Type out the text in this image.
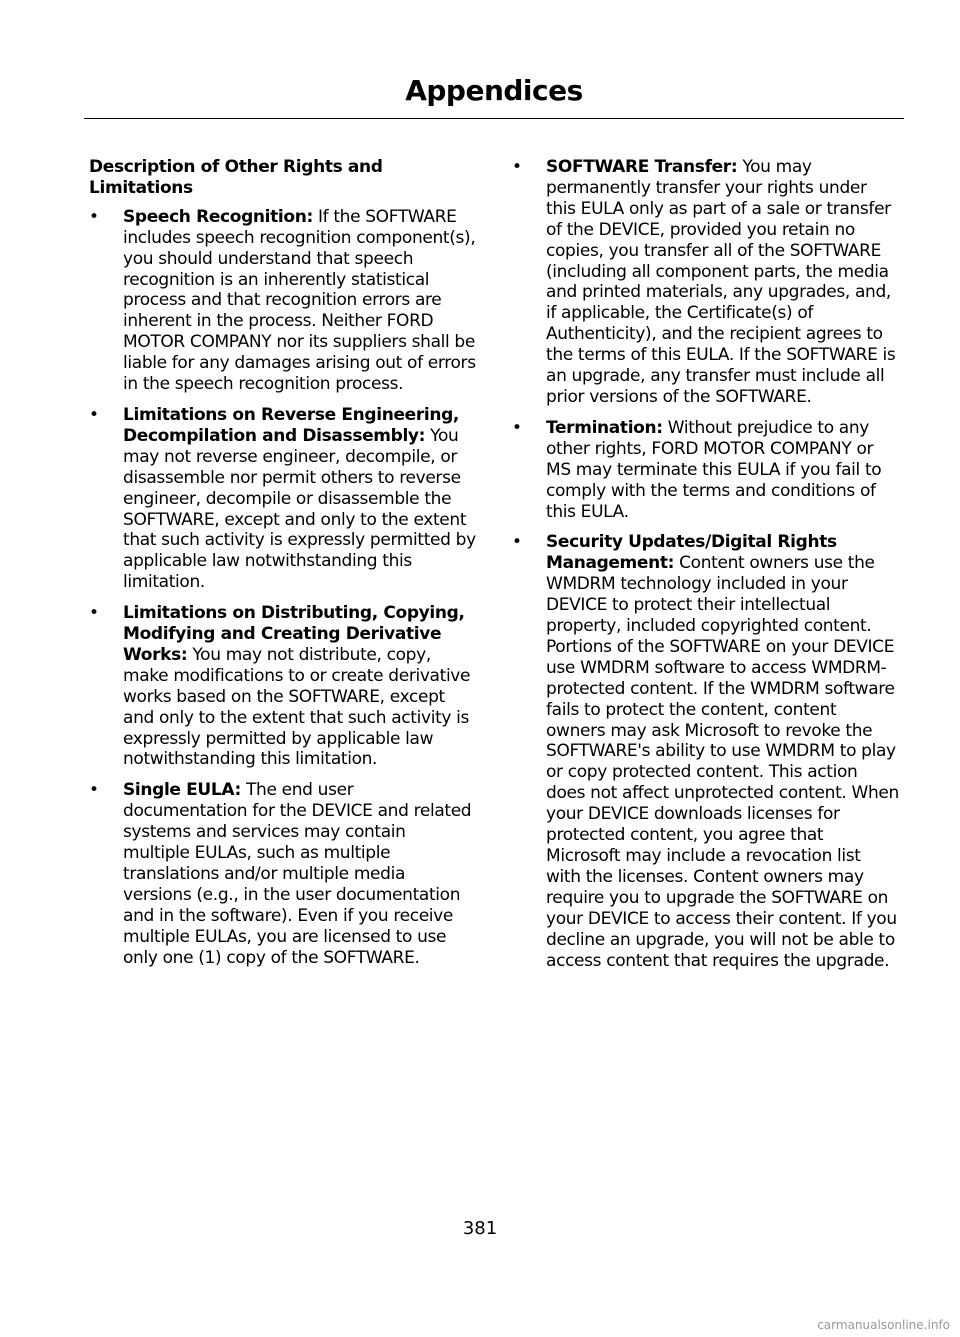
Appendices
Description of Other Rights and Limitations
• Speech Recognition: If the SOFTWARE includes speech recognition component(s), you should understand that speech recognition is an inherently statistical process and that recognition errors are inherent in the process. Neither FORD MOTOR COMPANY nor its suppliers shall be liable for any damages arising out of errors in the speech recognition process.
• Limitations on Reverse Engineering, Decompilation and Disassembly: You may not reverse engineer, decompile, or disassemble nor permit others to reverse engineer, decompile or disassemble the SOFTWARE, except and only to the extent that such activity is expressly permitted by applicable law notwithstanding this limitation.
• Limitations on Distributing, Copying, Modifying and Creating Derivative Works: You may not distribute, copy, make modifications to or create derivative works based on the SOFTWARE, except and only to the extent that such activity is expressly permitted by applicable law notwithstanding this limitation.
• Single EULA: The end user documentation for the DEVICE and related systems and services may contain multiple EULAs, such as multiple translations and/or multiple media versions (e.g., in the user documentation and in the software). Even if you receive multiple EULAs, you are licensed to use only one (1) copy of the SOFTWARE.
• SOFTWARE Transfer: You may permanently transfer your rights under this EULA only as part of a sale or transfer of the DEVICE, provided you retain no copies, you transfer all of the SOFTWARE (including all component parts, the media and printed materials, any upgrades, and, if applicable, the Certificate(s) of Authenticity), and the recipient agrees to the terms of this EULA. If the SOFTWARE is an upgrade, any transfer must include all prior versions of the SOFTWARE.
• Termination: Without prejudice to any other rights, FORD MOTOR COMPANY or MS may terminate this EULA if you fail to comply with the terms and conditions of this EULA.
• Security Updates/Digital Rights Management: Content owners use the WMDRM technology included in your DEVICE to protect their intellectual property, included copyrighted content. Portions of the SOFTWARE on your DEVICE use WMDRM software to access WMDRM-protected content. If the WMDRM software fails to protect the content, content owners may ask Microsoft to revoke the SOFTWARE's ability to use WMDRM to play or copy protected content. This action does not affect unprotected content. When your DEVICE downloads licenses for protected content, you agree that Microsoft may include a revocation list with the licenses. Content owners may require you to upgrade the SOFTWARE on your DEVICE to access their content. If you decline an upgrade, you will not be able to access content that requires the upgrade.
381
carmanualsonline.info
